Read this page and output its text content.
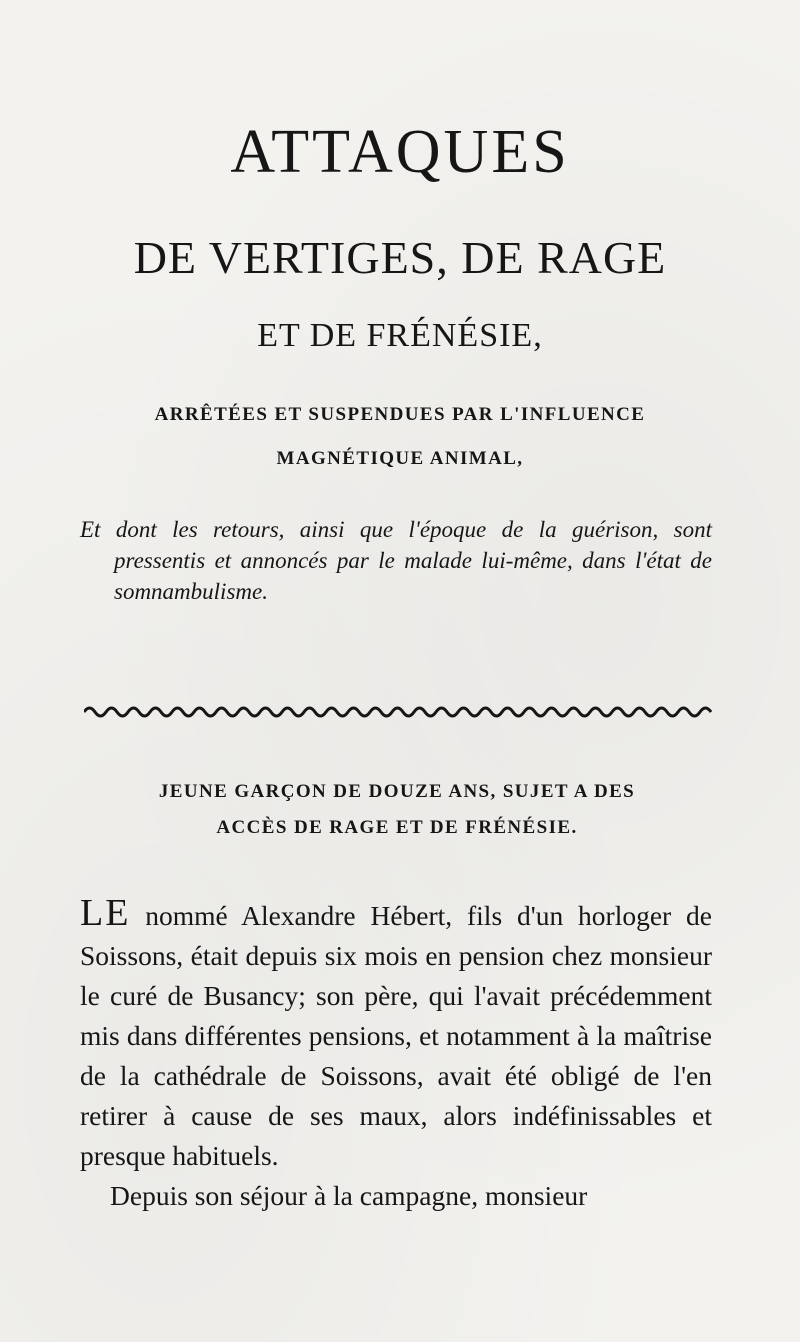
ATTAQUES
DE VERTIGES, DE RAGE
ET DE FRÉNÉSIE,
ARRÊTÉES ET SUSPENDUES PAR L'INFLUENCE
MAGNÉTIQUE ANIMAL,
Et dont les retours, ainsi que l'époque de la guérison, sont pressentis et annoncés par le malade lui-même, dans l'état de somnambulisme.
JEUNE GARÇON DE DOUZE ANS, SUJET A DES
ACCÈS DE RAGE ET DE FRÉNÉSIE.

LE nommé Alexandre Hébert, fils d'un horloger de Soissons, était depuis six mois en pension chez monsieur le curé de Busancy; son père, qui l'avait précédemment mis dans différentes pensions, et notamment à la maîtrise de la cathédrale de Soissons, avait été obligé de l'en retirer à cause de ses maux, alors indéfinissables et presque habituels.

Depuis son séjour à la campagne, monsieur
